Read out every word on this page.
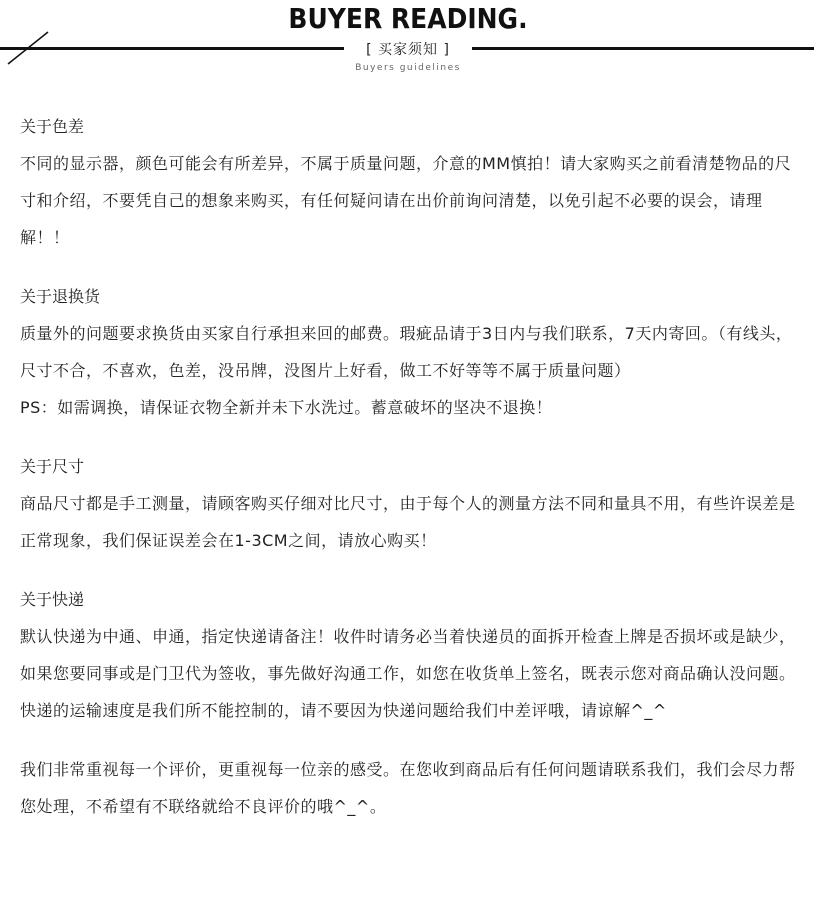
BUYER READING.
[ 买家须知 ]
Buyers guidelines
关于色差
不同的显示器，颜色可能会有所差异，不属于质量问题，介意的MM慎拍！请大家购买之前看清楚物品的尺寸和介绍，不要凭自己的想象来购买，有任何疑问请在出价前询问清楚，以免引起不必要的误会，请理解！！
关于退换货
质量外的问题要求换货由买家自行承担来回的邮费。瑕疵品请于3日内与我们联系，7天内寄回。（有线头，尺寸不合，不喜欢，色差，没吊牌，没图片上好看，做工不好等等不属于质量问题）
PS：如需调换，请保证衣物全新并未下水洗过。蓄意破坏的坚决不退换！
关于尺寸
商品尺寸都是手工测量，请顾客购买仔细对比尺寸，由于每个人的测量方法不同和量具不用，有些许误差是正常现象，我们保证误差会在1-3CM之间，请放心购买！
关于快递
默认快递为中通、申通，指定快递请备注！收件时请务必当着快递员的面拆开检查上牌是否损坏或是缺少，如果您要同事或是门卫代为签收，事先做好沟通工作，如您在收货单上签名，既表示您对商品确认没问题。快递的运输速度是我们所不能控制的，请不要因为快递问题给我们中差评哦，请谅解^_^
我们非常重视每一个评价，更重视每一位亲的感受。在您收到商品后有任何问题请联系我们，我们会尽力帮您处理，不希望有不联络就给不良评价的哦^_^。
